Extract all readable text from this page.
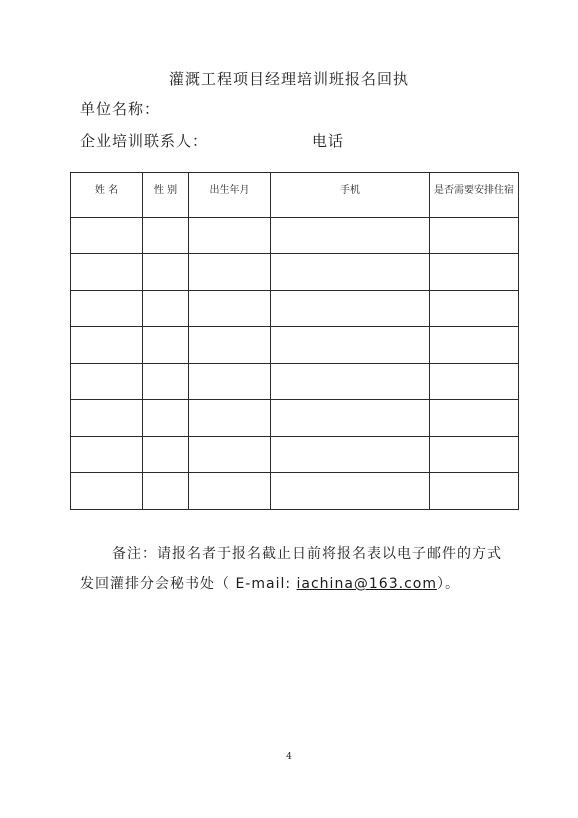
灌溉工程项目经理培训班报名回执
单位名称：
企业培训联系人：	电话
姓 名	性 别	出生年月	手机	是否需要安排住宿

备注：请报名者于报名截止日前将报名表以电子邮件的方式
发回灌排分会秘书处（ E-mail: iachina@163.com）。
4
